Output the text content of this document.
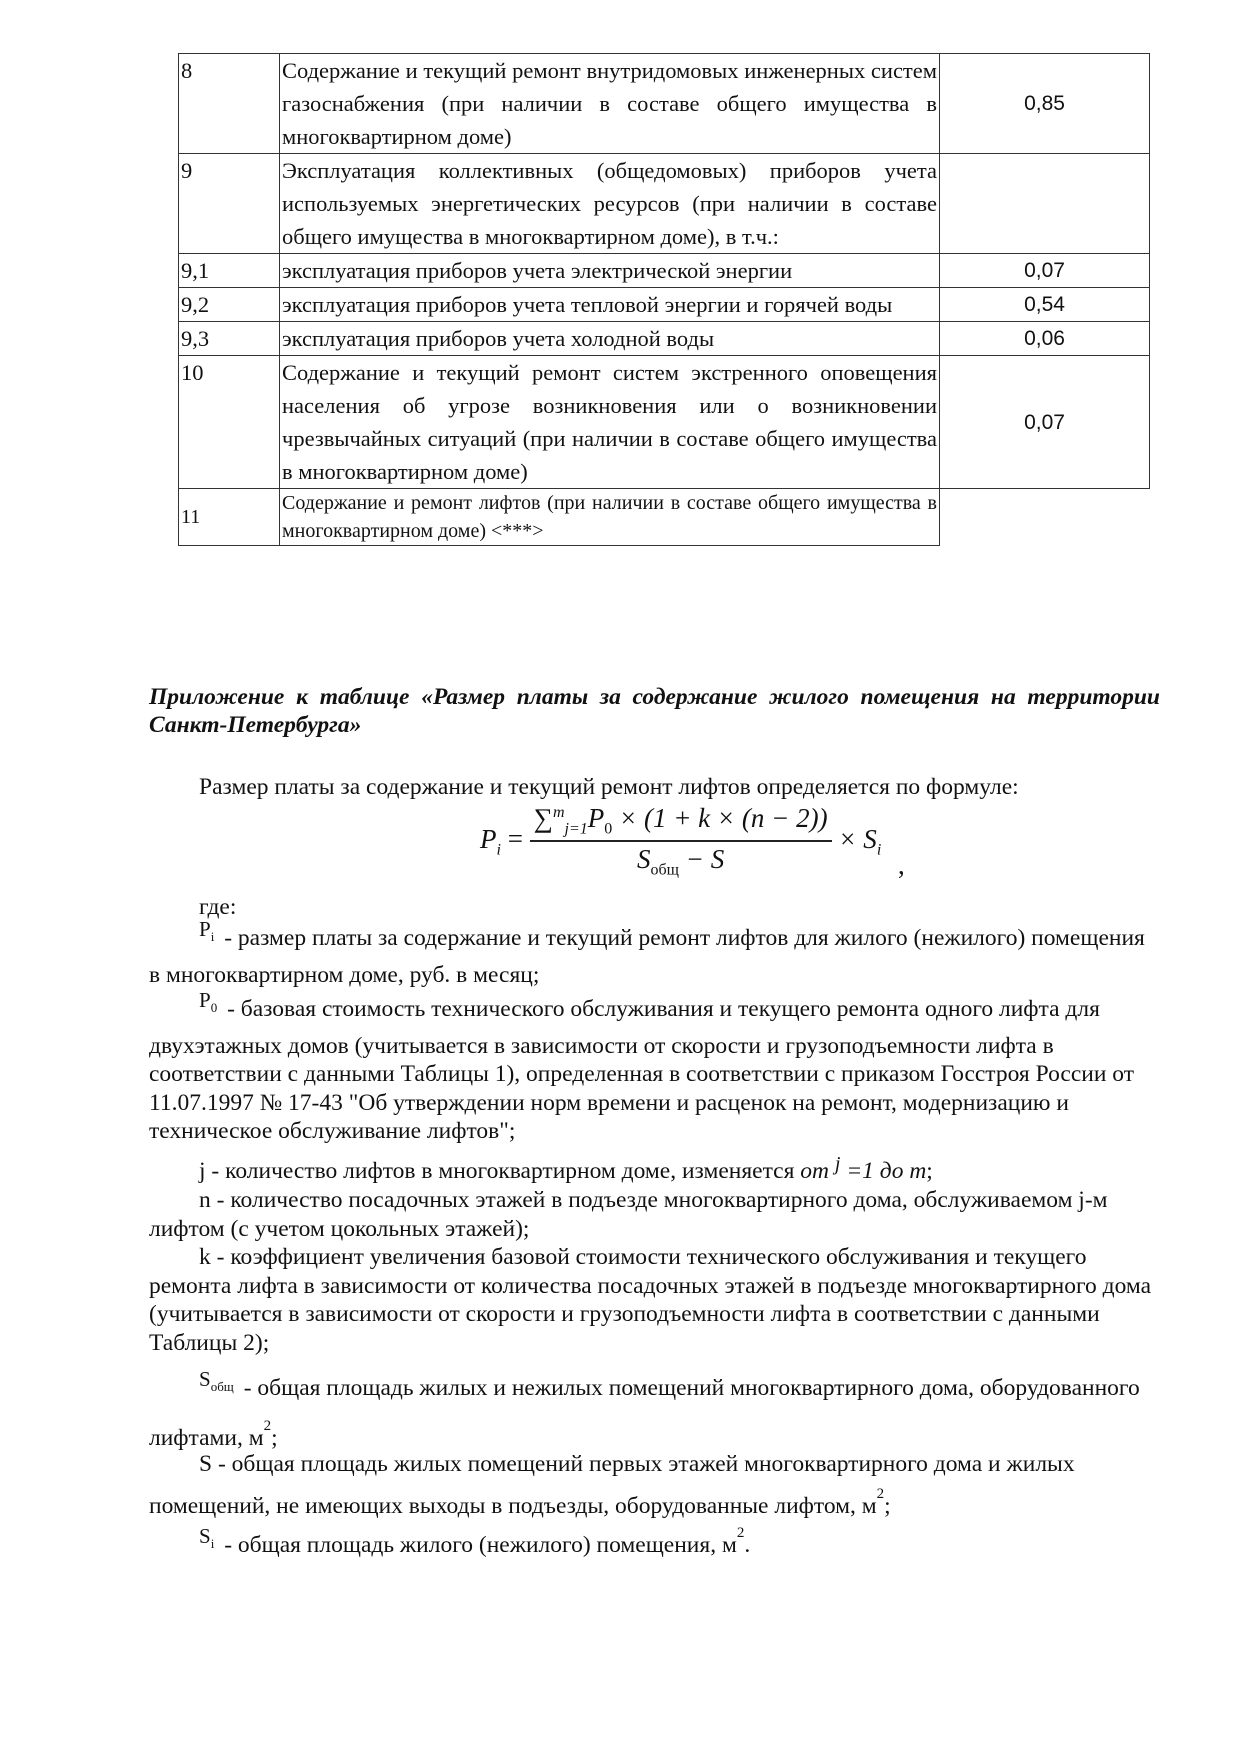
8	Содержание и текущий ремонт внутридомовых инженерных систем газоснабжения (при наличии в составе общего имущества в многоквартирном доме)	0,85
9	Эксплуатация коллективных (общедомовых) приборов учета используемых энергетических ресурсов (при наличии в составе общего имущества в многоквартирном доме), в т.ч.:	
9,1	эксплуатация приборов учета электрической энергии	0,07
9,2	эксплуатация приборов учета тепловой энергии и горячей воды	0,54
9,3	эксплуатация приборов учета холодной воды	0,06
10	Содержание и текущий ремонт систем экстренного оповещения населения об угрозе возникновения или о возникновении чрезвычайных ситуаций (при наличии в составе общего имущества в многоквартирном доме)	0,07
11	Содержание и ремонт лифтов (при наличии в составе общего имущества в многоквартирном доме) <***>	
Приложение к таблице «Размер платы за содержание жилого помещения на территории Санкт-Петербурга»
Размер платы за содержание и текущий ремонт лифтов определяется по формуле:
$P_i = \frac{\sum^m_{j=1}P_0 \times (1 + k \times (n - 2))}{S_{общ} - S} \times S_i$ ,
где:
$P_i$ - размер платы за содержание и текущий ремонт лифтов для жилого (нежилого) помещения в многоквартирном доме, руб. в месяц;
$P_0$ - базовая стоимость технического обслуживания и текущего ремонта одного лифта для двухэтажных домов (учитывается в зависимости от скорости и грузоподъемности лифта в соответствии с данными Таблицы 1), определенная в соответствии с приказом Госстроя России от 11.07.1997 № 17-43 "Об утверждении норм времени и расценок на ремонт, модернизацию и техническое обслуживание лифтов";
j - количество лифтов в многоквартирном доме, изменяется от j =1 до m;
n - количество посадочных этажей в подъезде многоквартирного дома, обслуживаемом j-м лифтом (с учетом цокольных этажей);
k - коэффициент увеличения базовой стоимости технического обслуживания и текущего ремонта лифта в зависимости от количества посадочных этажей в подъезде многоквартирного дома (учитывается в зависимости от скорости и грузоподъемности лифта в соответствии с данными Таблицы 2);
$S_{общ}$ - общая площадь жилых и нежилых помещений многоквартирного дома, оборудованного лифтами, $м^2$;
S - общая площадь жилых помещений первых этажей многоквартирного дома и жилых помещений, не имеющих выходы в подъезды, оборудованные лифтом, $м^2$;
$S_i$ - общая площадь жилого (нежилого) помещения, $м^2$.
